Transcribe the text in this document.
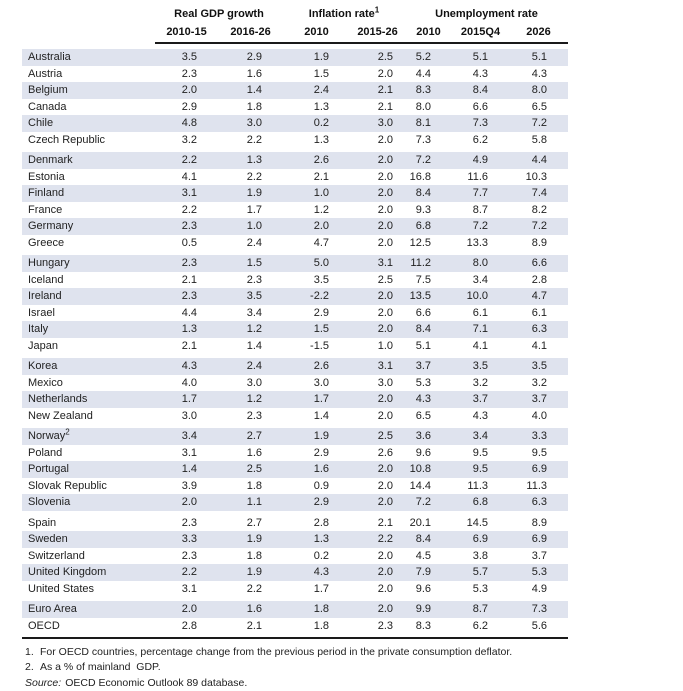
	Real GDP growth		Inflation rate$^1$		Unemployment rate		
	2010-15	2016-26	2010	2015-26	2010	2015Q4	2026

Australia	3.5	2.9	1.9	2.5	5.2	5.1	5.1
Austria	2.3	1.6	1.5	2.0	4.4	4.3	4.3
Belgium	2.0	1.4	2.4	2.1	8.3	8.4	8.0
Canada	2.9	1.8	1.3	2.1	8.0	6.6	6.5
Chile	4.8	3.0	0.2	3.0	8.1	7.3	7.2
Czech Republic	3.2	2.2	1.3	2.0	7.3	6.2	5.8

Denmark	2.2	1.3	2.6	2.0	7.2	4.9	4.4
Estonia	4.1	2.2	2.1	2.0	16.8	11.6	10.3
Finland	3.1	1.9	1.0	2.0	8.4	7.7	7.4
France	2.2	1.7	1.2	2.0	9.3	8.7	8.2
Germany	2.3	1.0	2.0	2.0	6.8	7.2	7.2
Greece	0.5	2.4	4.7	2.0	12.5	13.3	8.9

Hungary	2.3	1.5	5.0	3.1	11.2	8.0	6.6
Iceland	2.1	2.3	3.5	2.5	7.5	3.4	2.8
Ireland	2.3	3.5	-2.2	2.0	13.5	10.0	4.7
Israel	4.4	3.4	2.9	2.0	6.6	6.1	6.1
Italy	1.3	1.2	1.5	2.0	8.4	7.1	6.3
Japan	2.1	1.4	-1.5	1.0	5.1	4.1	4.1

Korea	4.3	2.4	2.6	3.1	3.7	3.5	3.5
Mexico	4.0	3.0	3.0	3.0	5.3	3.2	3.2
Netherlands	1.7	1.2	1.7	2.0	4.3	3.7	3.7
New Zealand	3.0	2.3	1.4	2.0	6.5	4.3	4.0

Norway$^2$	3.4	2.7	1.9	2.5	3.6	3.4	3.3
Poland	3.1	1.6	2.9	2.6	9.6	9.5	9.5
Portugal	1.4	2.5	1.6	2.0	10.8	9.5	6.9
Slovak Republic	3.9	1.8	0.9	2.0	14.4	11.3	11.3
Slovenia	2.0	1.1	2.9	2.0	7.2	6.8	6.3

Spain	2.3	2.7	2.8	2.1	20.1	14.5	8.9
Sweden	3.3	1.9	1.3	2.2	8.4	6.9	6.9
Switzerland	2.3	1.8	0.2	2.0	4.5	3.8	3.7
United Kingdom	2.2	1.9	4.3	2.0	7.9	5.7	5.3
United States	3.1	2.2	1.7	2.0	9.6	5.3	4.9

Euro Area	2.0	1.6	1.8	2.0	9.9	8.7	7.3
OECD	2.8	2.1	1.8	2.3	8.3	6.2	5.6
1. For OECD countries, percentage change from the previous period in the private consumption deflator.
2. As a % of mainland  GDP.
Source: OECD Economic Outlook 89 database.
